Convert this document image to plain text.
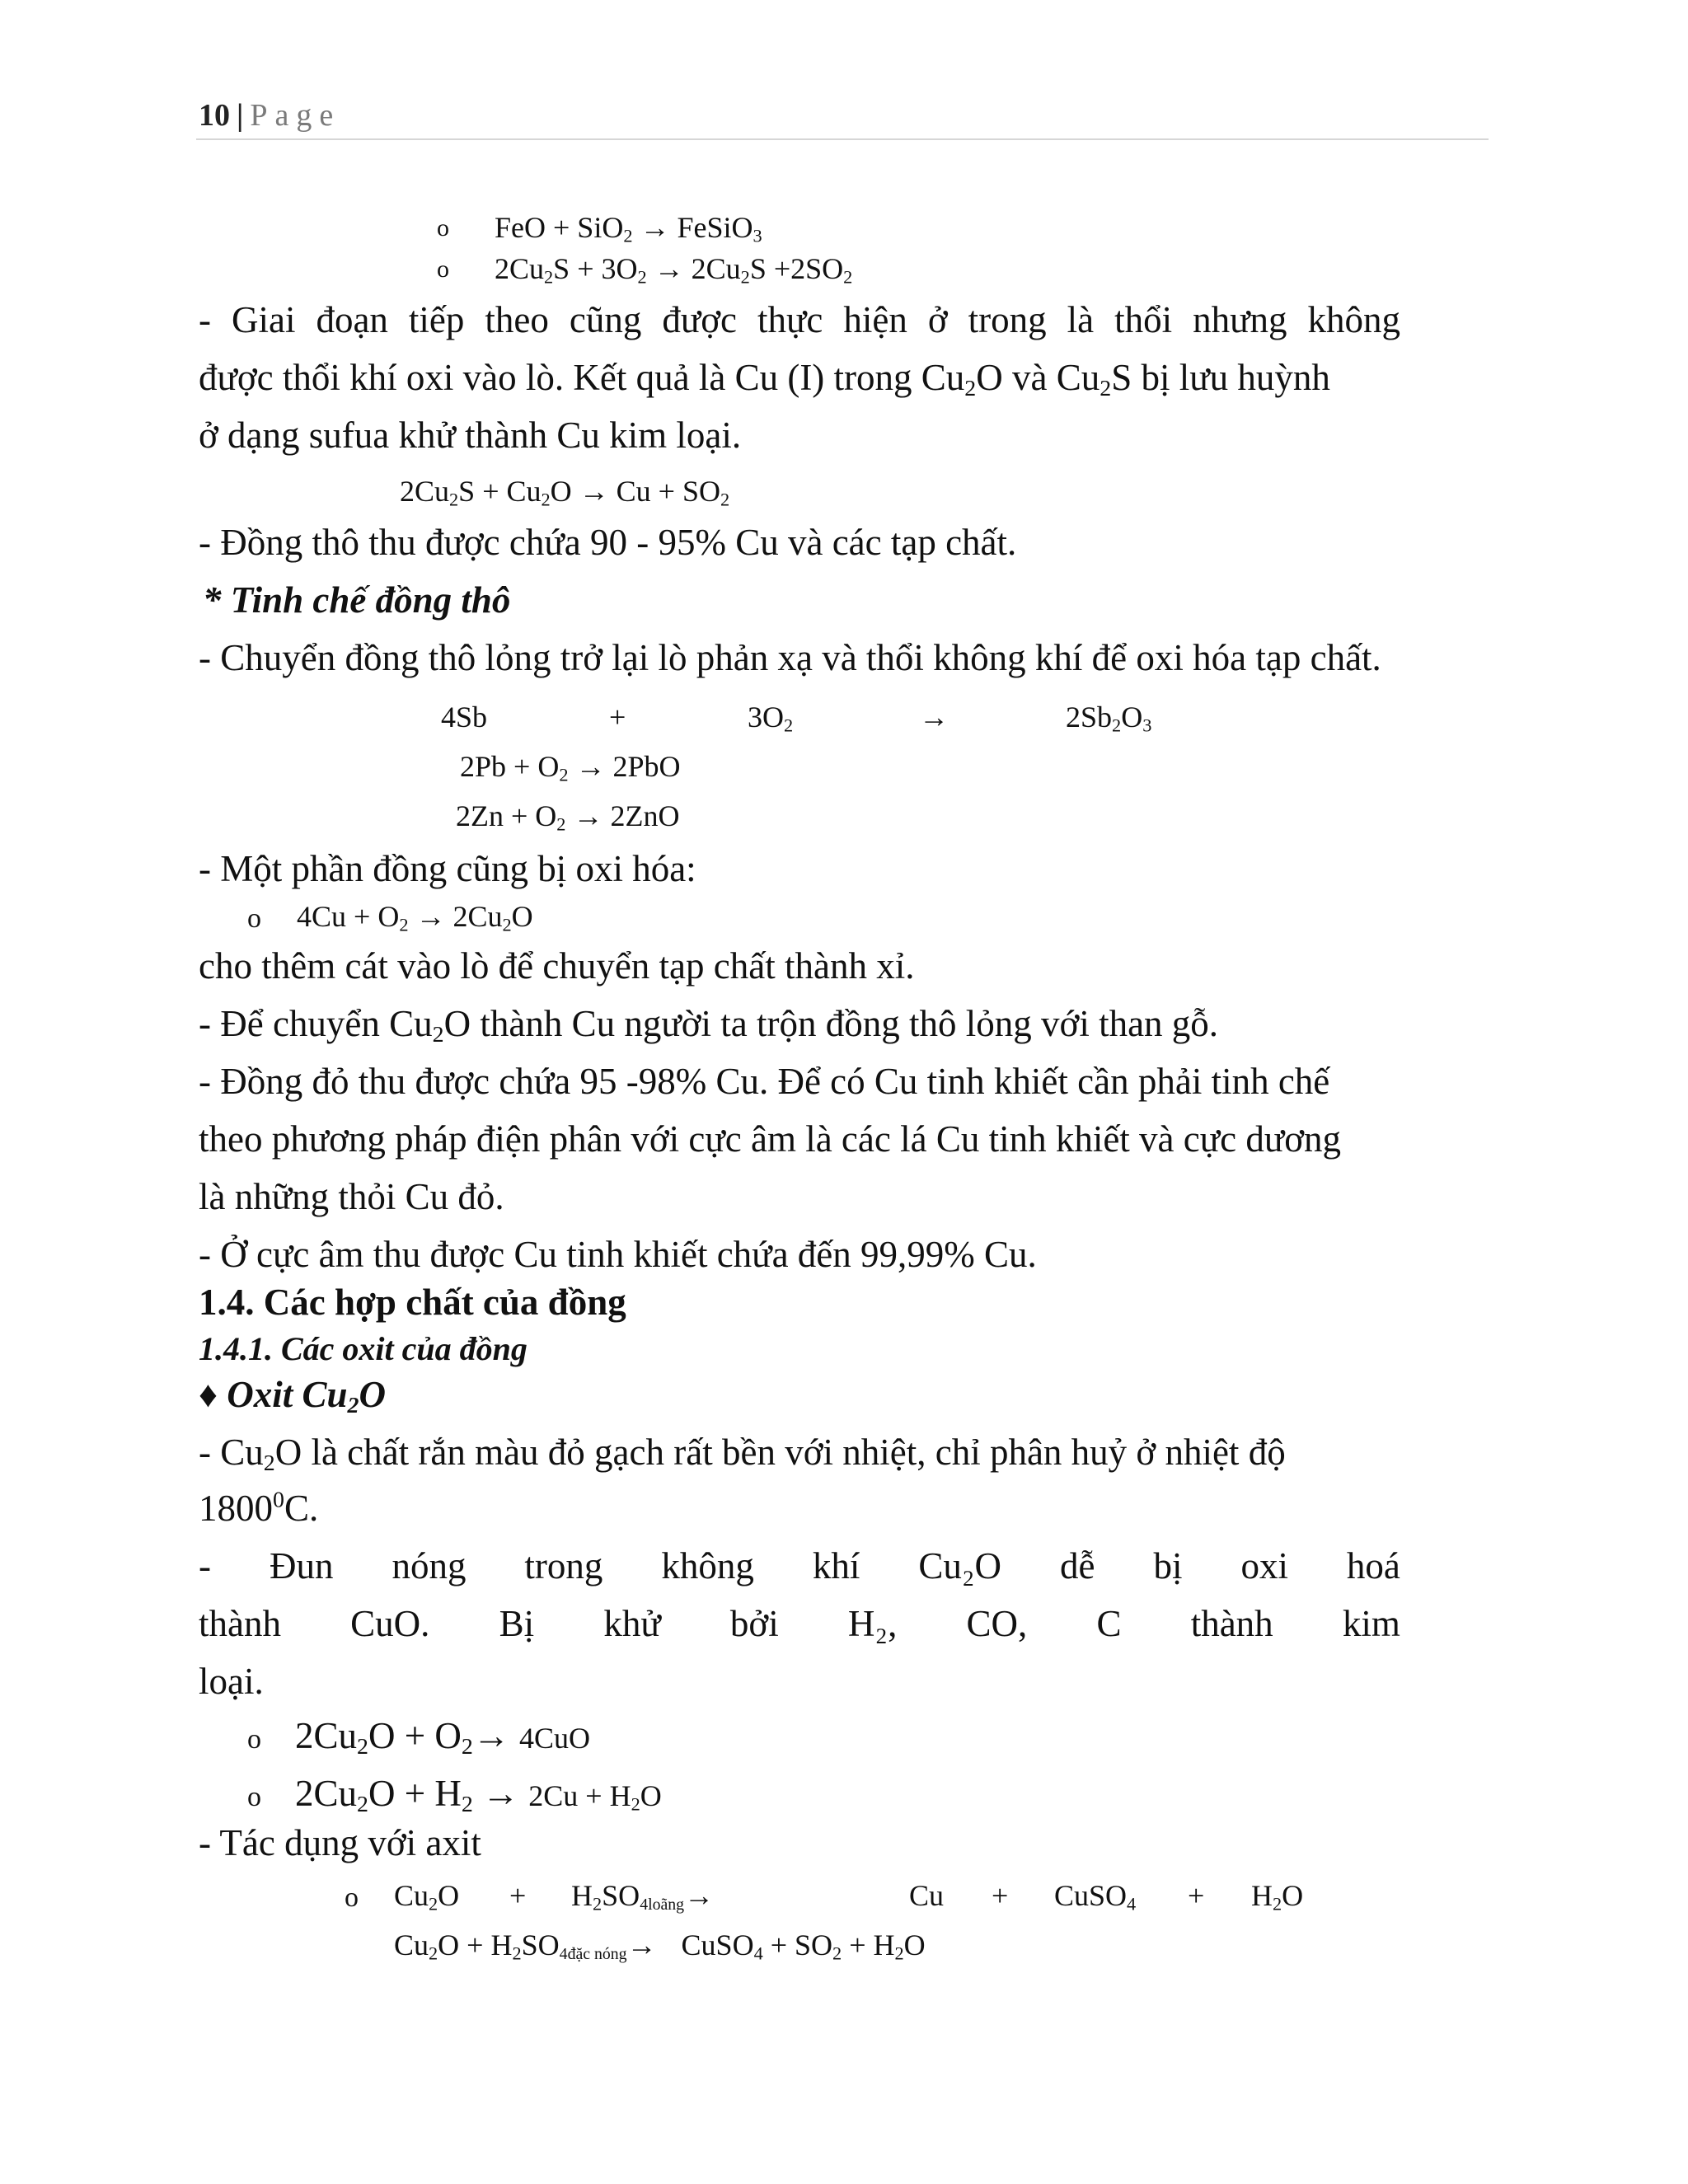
10 | Page
o FeO + SiO$_2$ → FeSiO$_3$
o $2Cu_2S + 3O_2 \to 2Cu_2S +2SO_2$
- Giai đoạn tiếp theo cũng được thực hiện ở trong là thổi nhưng không
được thổi khí oxi vào lò. Kết quả là Cu (I) trong $Cu_2O$ và $Cu_2S$ bị lưu huỳnh
ở dạng sufua khử thành Cu kim loại.
$2Cu_2S + Cu_2O \to Cu + SO_2$
- Đồng thô thu được chứa 90 - 95% Cu và các tạp chất.
* Tinh chế đồng thô
- Chuyển đồng thô lỏng trở lại lò phản xạ và thổi không khí để oxi hóa tạp chất.
4Sb	+	$3O_2$	→	$2Sb_2O_3$
$2Pb + O_2 \to 2PbO$
$2Zn + O_2 \to 2ZnO$
- Một phần đồng cũng bị oxi hóa:
o $4Cu + O_2 \to 2Cu_2O$
cho thêm cát vào lò để chuyển tạp chất thành xỉ.
- Để chuyển $Cu_2O$ thành Cu người ta trộn đồng thô lỏng với than gỗ.
- Đồng đỏ thu được chứa 95 -98% Cu. Để có Cu tinh khiết cần phải tinh chế
theo phương pháp điện phân với cực âm là các lá Cu tinh khiết và cực dương
là những thỏi Cu đỏ.
- Ở cực âm thu được Cu tinh khiết chứa đến 99,99% Cu.
1.4. Các hợp chất của đồng
1.4.1. Các oxit của đồng
♦ Oxit $Cu_2O$
- $Cu_2O$ là chất rắn màu đỏ gạch rất bền với nhiệt, chỉ phân huỷ ở nhiệt độ
1800$^0$C.
- Đun nóng trong không khí Cu₂O dễ bị oxi hoá
thành CuO. Bị khử bởi H₂, CO, C thành kim
loại.
o $2Cu_2O + O_2\to 4CuO$
o $2Cu_2O + H_2 \to 2Cu + H_2O$
- Tác dụng với axit
o $Cu_2O + H_2SO_{4loãng}\to$	Cu + CuSO$_4$ + $H_2O$
$Cu_2O + H_2SO_{4đặc nóng}\to$ CuSO$_4$ + $SO_2 + H_2O$
